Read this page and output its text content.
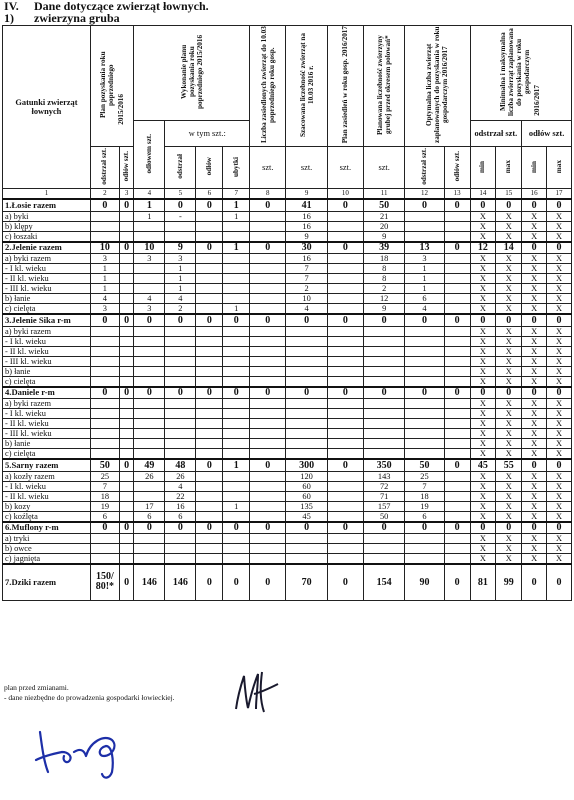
IV. Dane dotyczące zwierząt łownych.
1) zwierzyna gruba
Gatunki zwierząt łownych	Plan pozyskania roku poprzedniego 2015/2016		Wykonanie planu pozyskania roku poprzedniego 2015/2016				Liczba zasiedlonych zwierząt do 10.03 poprzedniego roku gosp.	Szacowana liczebność zwierząt na 10.03 2016 r.	Plan zasiedleń w roku gosp. 2016/2017	Planowana liczebność zwierzyny grubej przed okresem polowań*	Optymalna liczba zwierząt zaplanowanych do pozyskania w roku gospodarczym 2016/2017		Minimalna i maksymalna liczba zwierząt zaplanowana do pozyskania w roku gospodarczym 2016/2017			
			odłowem szt.	w tym szt.:									odstrzał szt.		odłów szt.	
	odstrzał szt.	odłów szt.		odstrzał	odłów	ubytki	szt.	szt.	szt.	szt.	odstrzał szt.	odłów szt.	min	max	min	max
1	2	3	4	5	6	7	8	9	10	11	12	13	14	15	16	17
1.Łosie razem	0	0	1	0	0	1	0	41	0	50	0	0	0	0	0	0
a) byki			1	-		1		16		21			X	X	X	X
b) klępy								16		20			X	X	X	X
c) łoszaki								9		9			X	X	X	X
2.Jelenie razem	10	0	10	9	0	1	0	30	0	39	13	0	12	14	0	0
a) byki razem	3		3	3				16		18	3		X	X	X	X
- I kl. wieku	1			1				7		8	1		X	X	X	X
- II kl. wieku	1			1				7		8	1		X	X	X	X
- III kl. wieku	1			1				2		2	1		X	X	X	X
b) łanie	4		4	4				10		12	6		X	X	X	X
c) cielęta	3		3	2		1		4		9	4		X	X	X	X
3.Jelenie Sika r-m	0	0	0	0	0	0	0	0	0	0	0	0	0	0	0	0
a) byki razem													X	X	X	X
- I kl. wieku													X	X	X	X
- II kl. wieku													X	X	X	X
- III kl. wieku													X	X	X	X
b) łanie													X	X	X	X
c) cielęta													X	X	X	X
4.Daniele r-m	0	0	0	0	0	0	0	0	0	0	0	0	0	0	0	0
a) byki razem													X	X	X	X
- I kl. wieku													X	X	X	X
- II kl. wieku													X	X	X	X
- III kl. wieku													X	X	X	X
b) łanie													X	X	X	X
c) cielęta													X	X	X	X
5.Sarny razem	50	0	49	48	0	1	0	300	0	350	50	0	45	55	0	0
a) kozły razem	25		26	26				120		143	25		X	X	X	X
- I kl. wieku	7			4				60		72	7		X	X	X	X
- II kl. wieku	18			22				60		71	18		X	X	X	X
b) kozy	19		17	16		1		135		157	19		X	X	X	X
c) koźlęta	6		6	6				45		50	6		X	X	X	X
6.Muflony r-m	0	0	0	0	0	0	0	0	0	0	0	0	0	0	0	0
a) tryki													X	X	X	X
b) owce													X	X	X	X
c) jagnięta													X	X	X	X
7.Dziki razem	150/ 80!*	0	146	146	0	0	0	70	0	154	90	0	81	99	0	0
plan przed zmianami.
- dane niezbędne do prowadzenia gospodarki łowieckiej.
